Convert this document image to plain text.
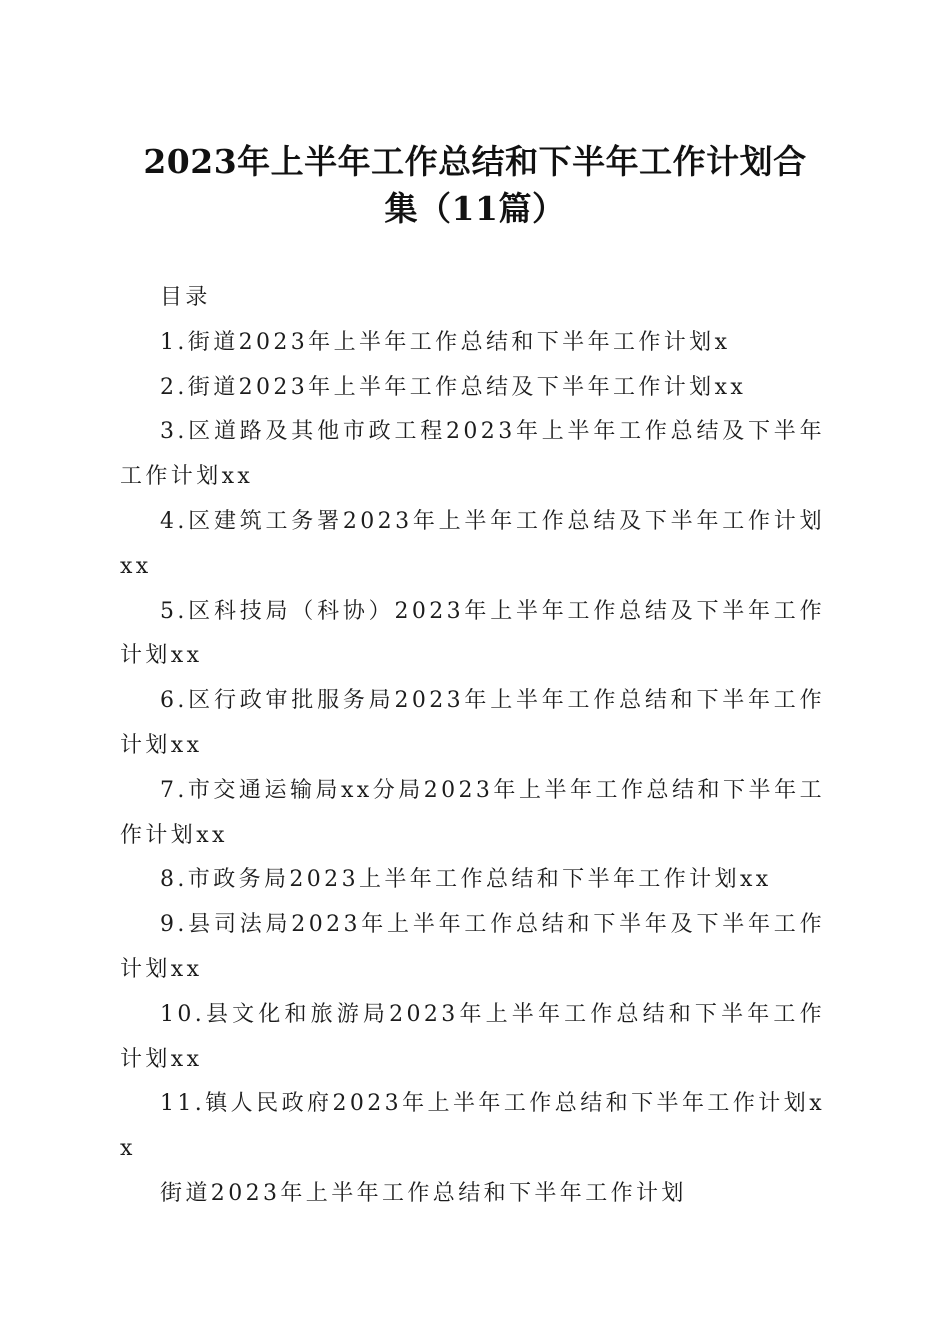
2023年上半年工作总结和下半年工作计划合
集（11篇）

目录

1.街道2023年上半年工作总结和下半年工作计划x

2.街道2023年上半年工作总结及下半年工作计划xx

3.区道路及其他市政工程2023年上半年工作总结及下半年工作计划xx

4.区建筑工务署2023年上半年工作总结及下半年工作计划xx

5.区科技局（科协）2023年上半年工作总结及下半年工作计划xx

6.区行政审批服务局2023年上半年工作总结和下半年工作计划xx

7.市交通运输局xx分局2023年上半年工作总结和下半年工作计划xx

8.市政务局2023上半年工作总结和下半年工作计划xx

9.县司法局2023年上半年工作总结和下半年及下半年工作计划xx

10.县文化和旅游局2023年上半年工作总结和下半年工作计划xx

11.镇人民政府2023年上半年工作总结和下半年工作计划xx

街道2023年上半年工作总结和下半年工作计划
